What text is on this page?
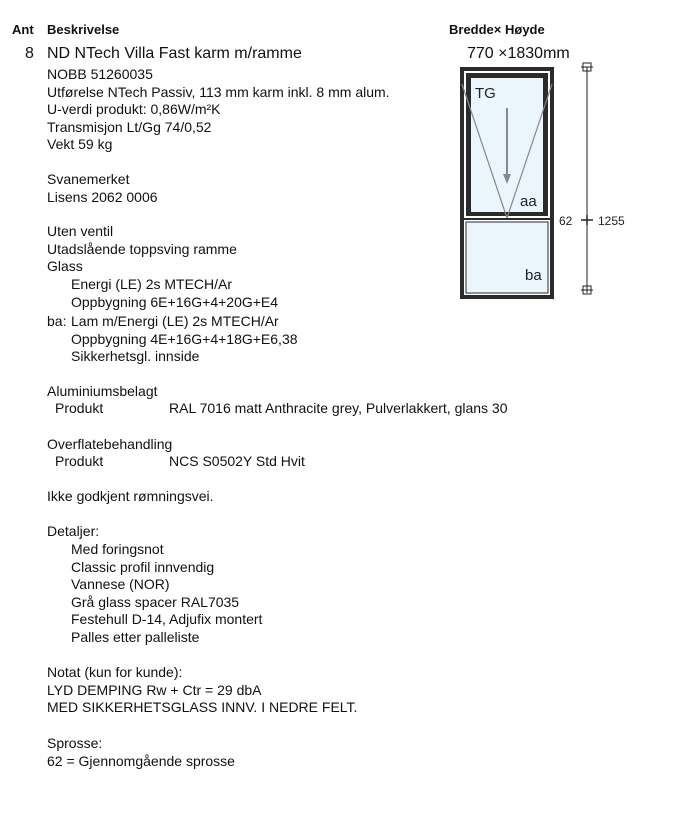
Ant Beskrivelse	Bredde× Høyde
8 ND NTech Villa Fast karm m/ramme	770 ×1830mm
NOBB 51260035
Utførelse NTech Passiv, 113 mm karm inkl. 8 mm alum.
U-verdi produkt: 0,86W/m²K
Transmisjon Lt/Gg 74/0,52
Vekt 59 kg
Svanemerket
Lisens 2062 0006
Uten ventil
Utadslående toppsving ramme
Glass
Energi (LE) 2s MTECH/Ar
Oppbygning 6E+16G+4+20G+E4
ba: Lam m/Energi (LE) 2s MTECH/Ar
Oppbygning 4E+16G+4+18G+E6,38
Sikkerhetsgl. innside
Aluminiumsbelagt
Produkt	RAL 7016 matt Anthracite grey, Pulverlakkert, glans 30
Overflatebehandling
Produkt	NCS S0502Y Std Hvit
Ikke godkjent rømningsvei.
Detaljer:
Med foringsnot
Classic profil innvendig
Vannese (NOR)
Grå glass spacer RAL7035
Festehull D-14, Adjufix montert
Palles etter palleliste
Notat (kun for kunde):
LYD DEMPING Rw + Ctr = 29 dbA
MED SIKKERHETSGLASS INNV. I NEDRE FELT.
Sprosse:
62 = Gjennomgående sprosse
TG
aa
ba
62 1255
